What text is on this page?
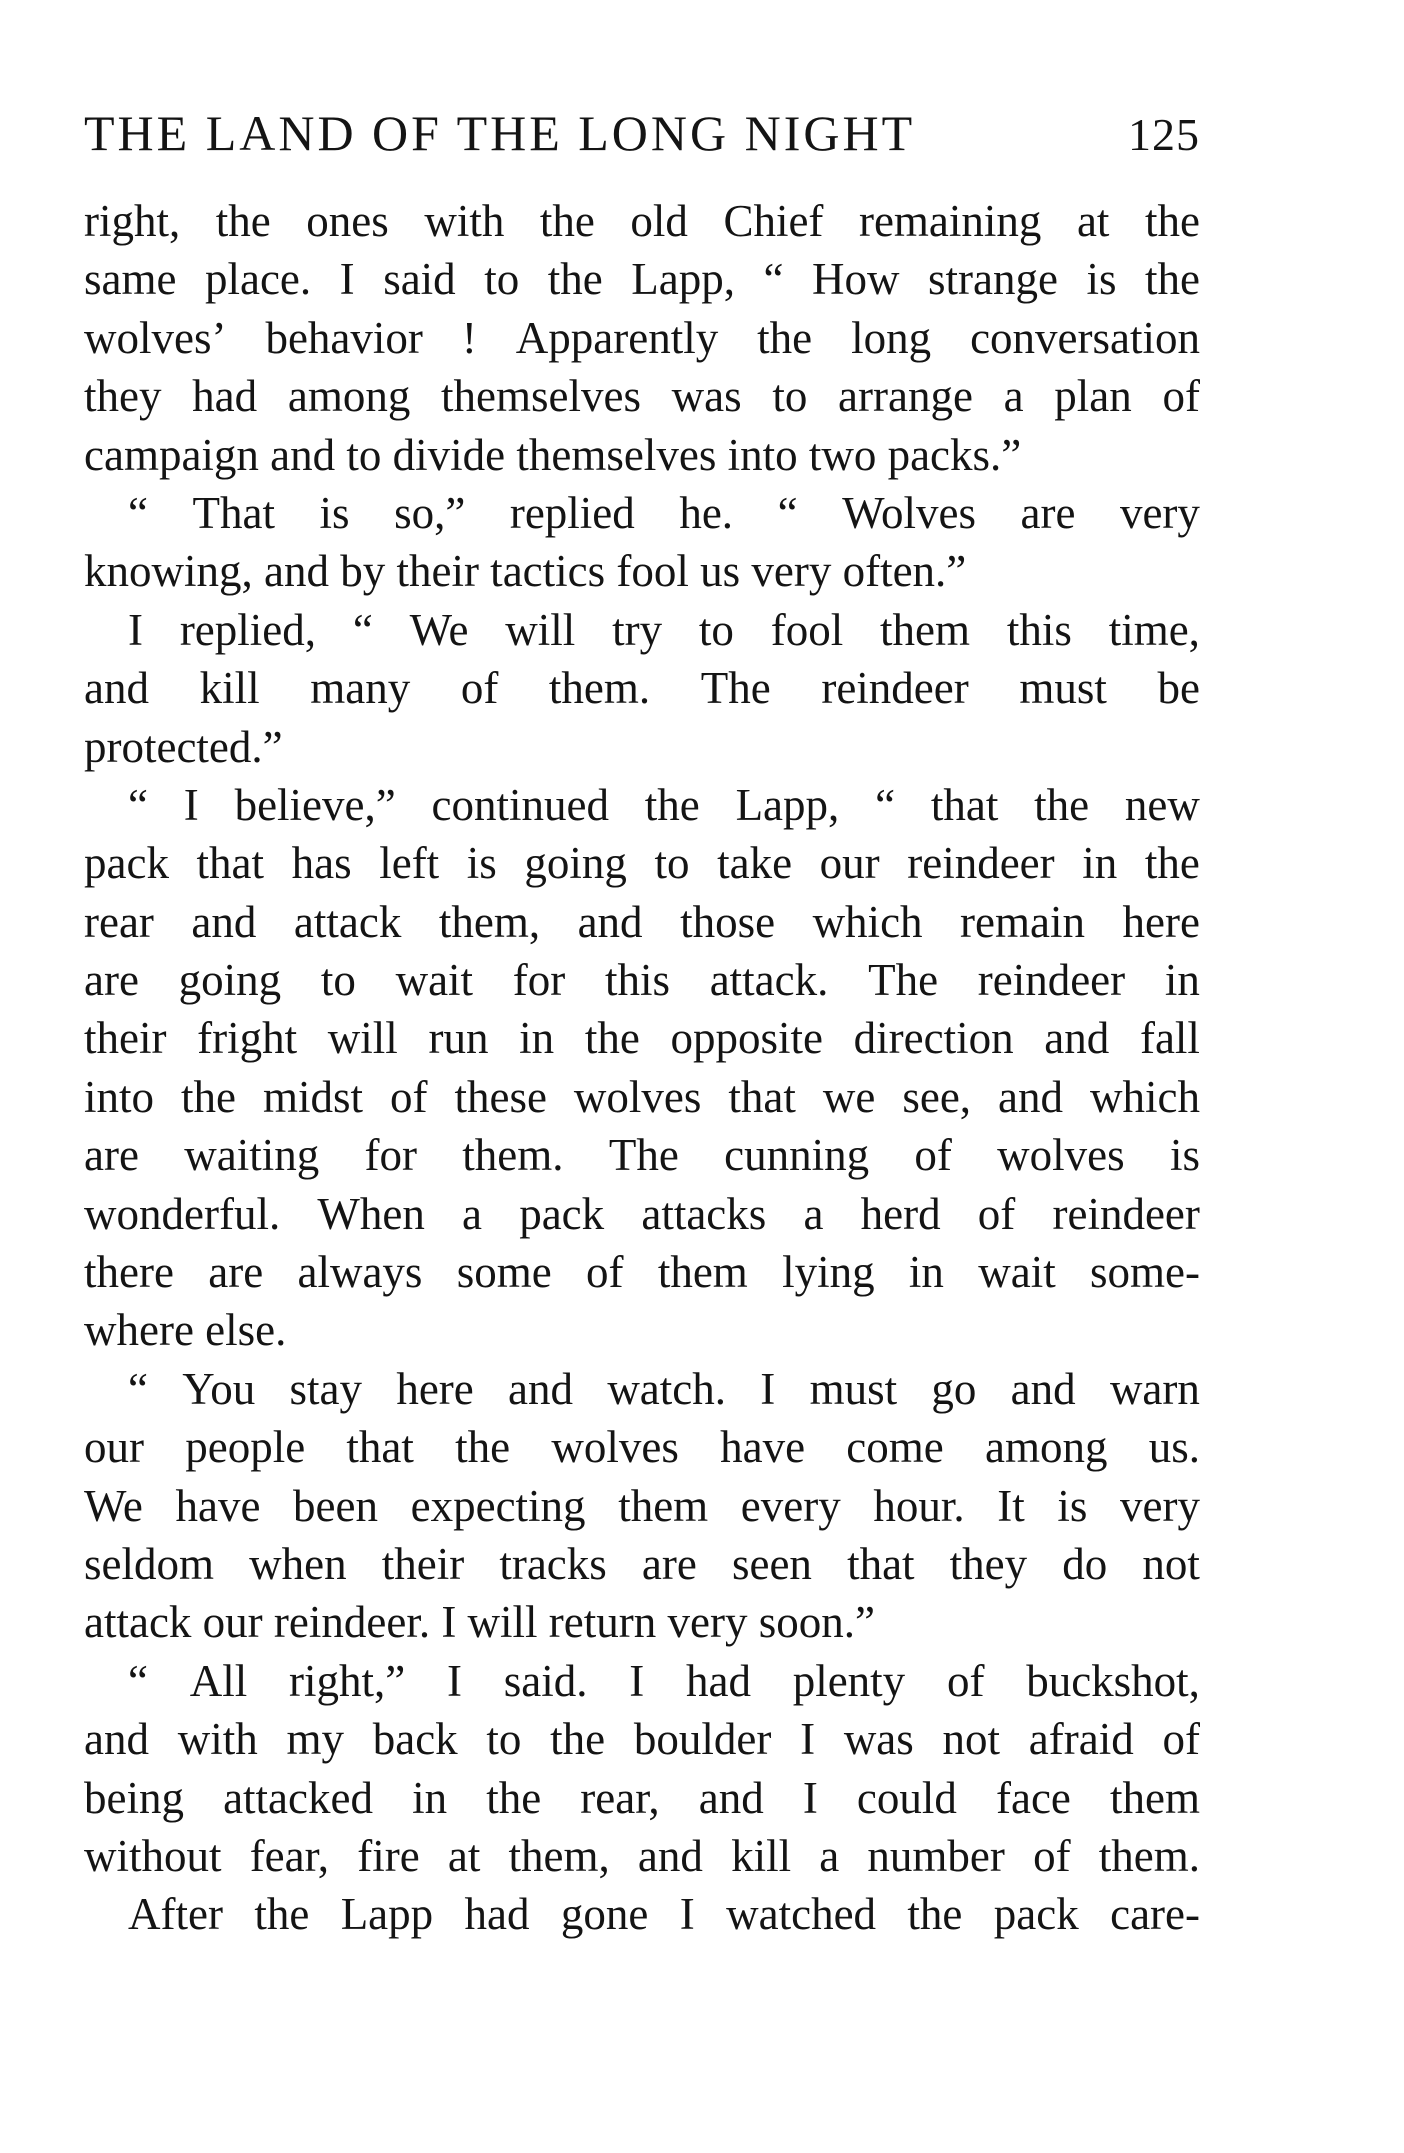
THE LAND OF THE LONG NIGHT	125
right, the ones with the old Chief remaining at the
same place. I said to the Lapp, “ How strange is the
wolves’ behavior ! Apparently the long conversation
they had among themselves was to arrange a plan of
campaign and to divide themselves into two packs.”
“ That is so,” replied he. “ Wolves are very
knowing, and by their tactics fool us very often.”
I replied, “ We will try to fool them this time,
and kill many of them. The reindeer must be
protected.”
“ I believe,” continued the Lapp, “ that the new
pack that has left is going to take our reindeer in the
rear and attack them, and those which remain here
are going to wait for this attack. The reindeer in
their fright will run in the opposite direction and fall
into the midst of these wolves that we see, and which
are waiting for them. The cunning of wolves is
wonderful. When a pack attacks a herd of reindeer
there are always some of them lying in wait some-
where else.
“ You stay here and watch. I must go and warn
our people that the wolves have come among us.
We have been expecting them every hour. It is very
seldom when their tracks are seen that they do not
attack our reindeer. I will return very soon.”
“ All right,” I said. I had plenty of buckshot,
and with my back to the boulder I was not afraid of
being attacked in the rear, and I could face them
without fear, fire at them, and kill a number of them.
After the Lapp had gone I watched the pack care-
